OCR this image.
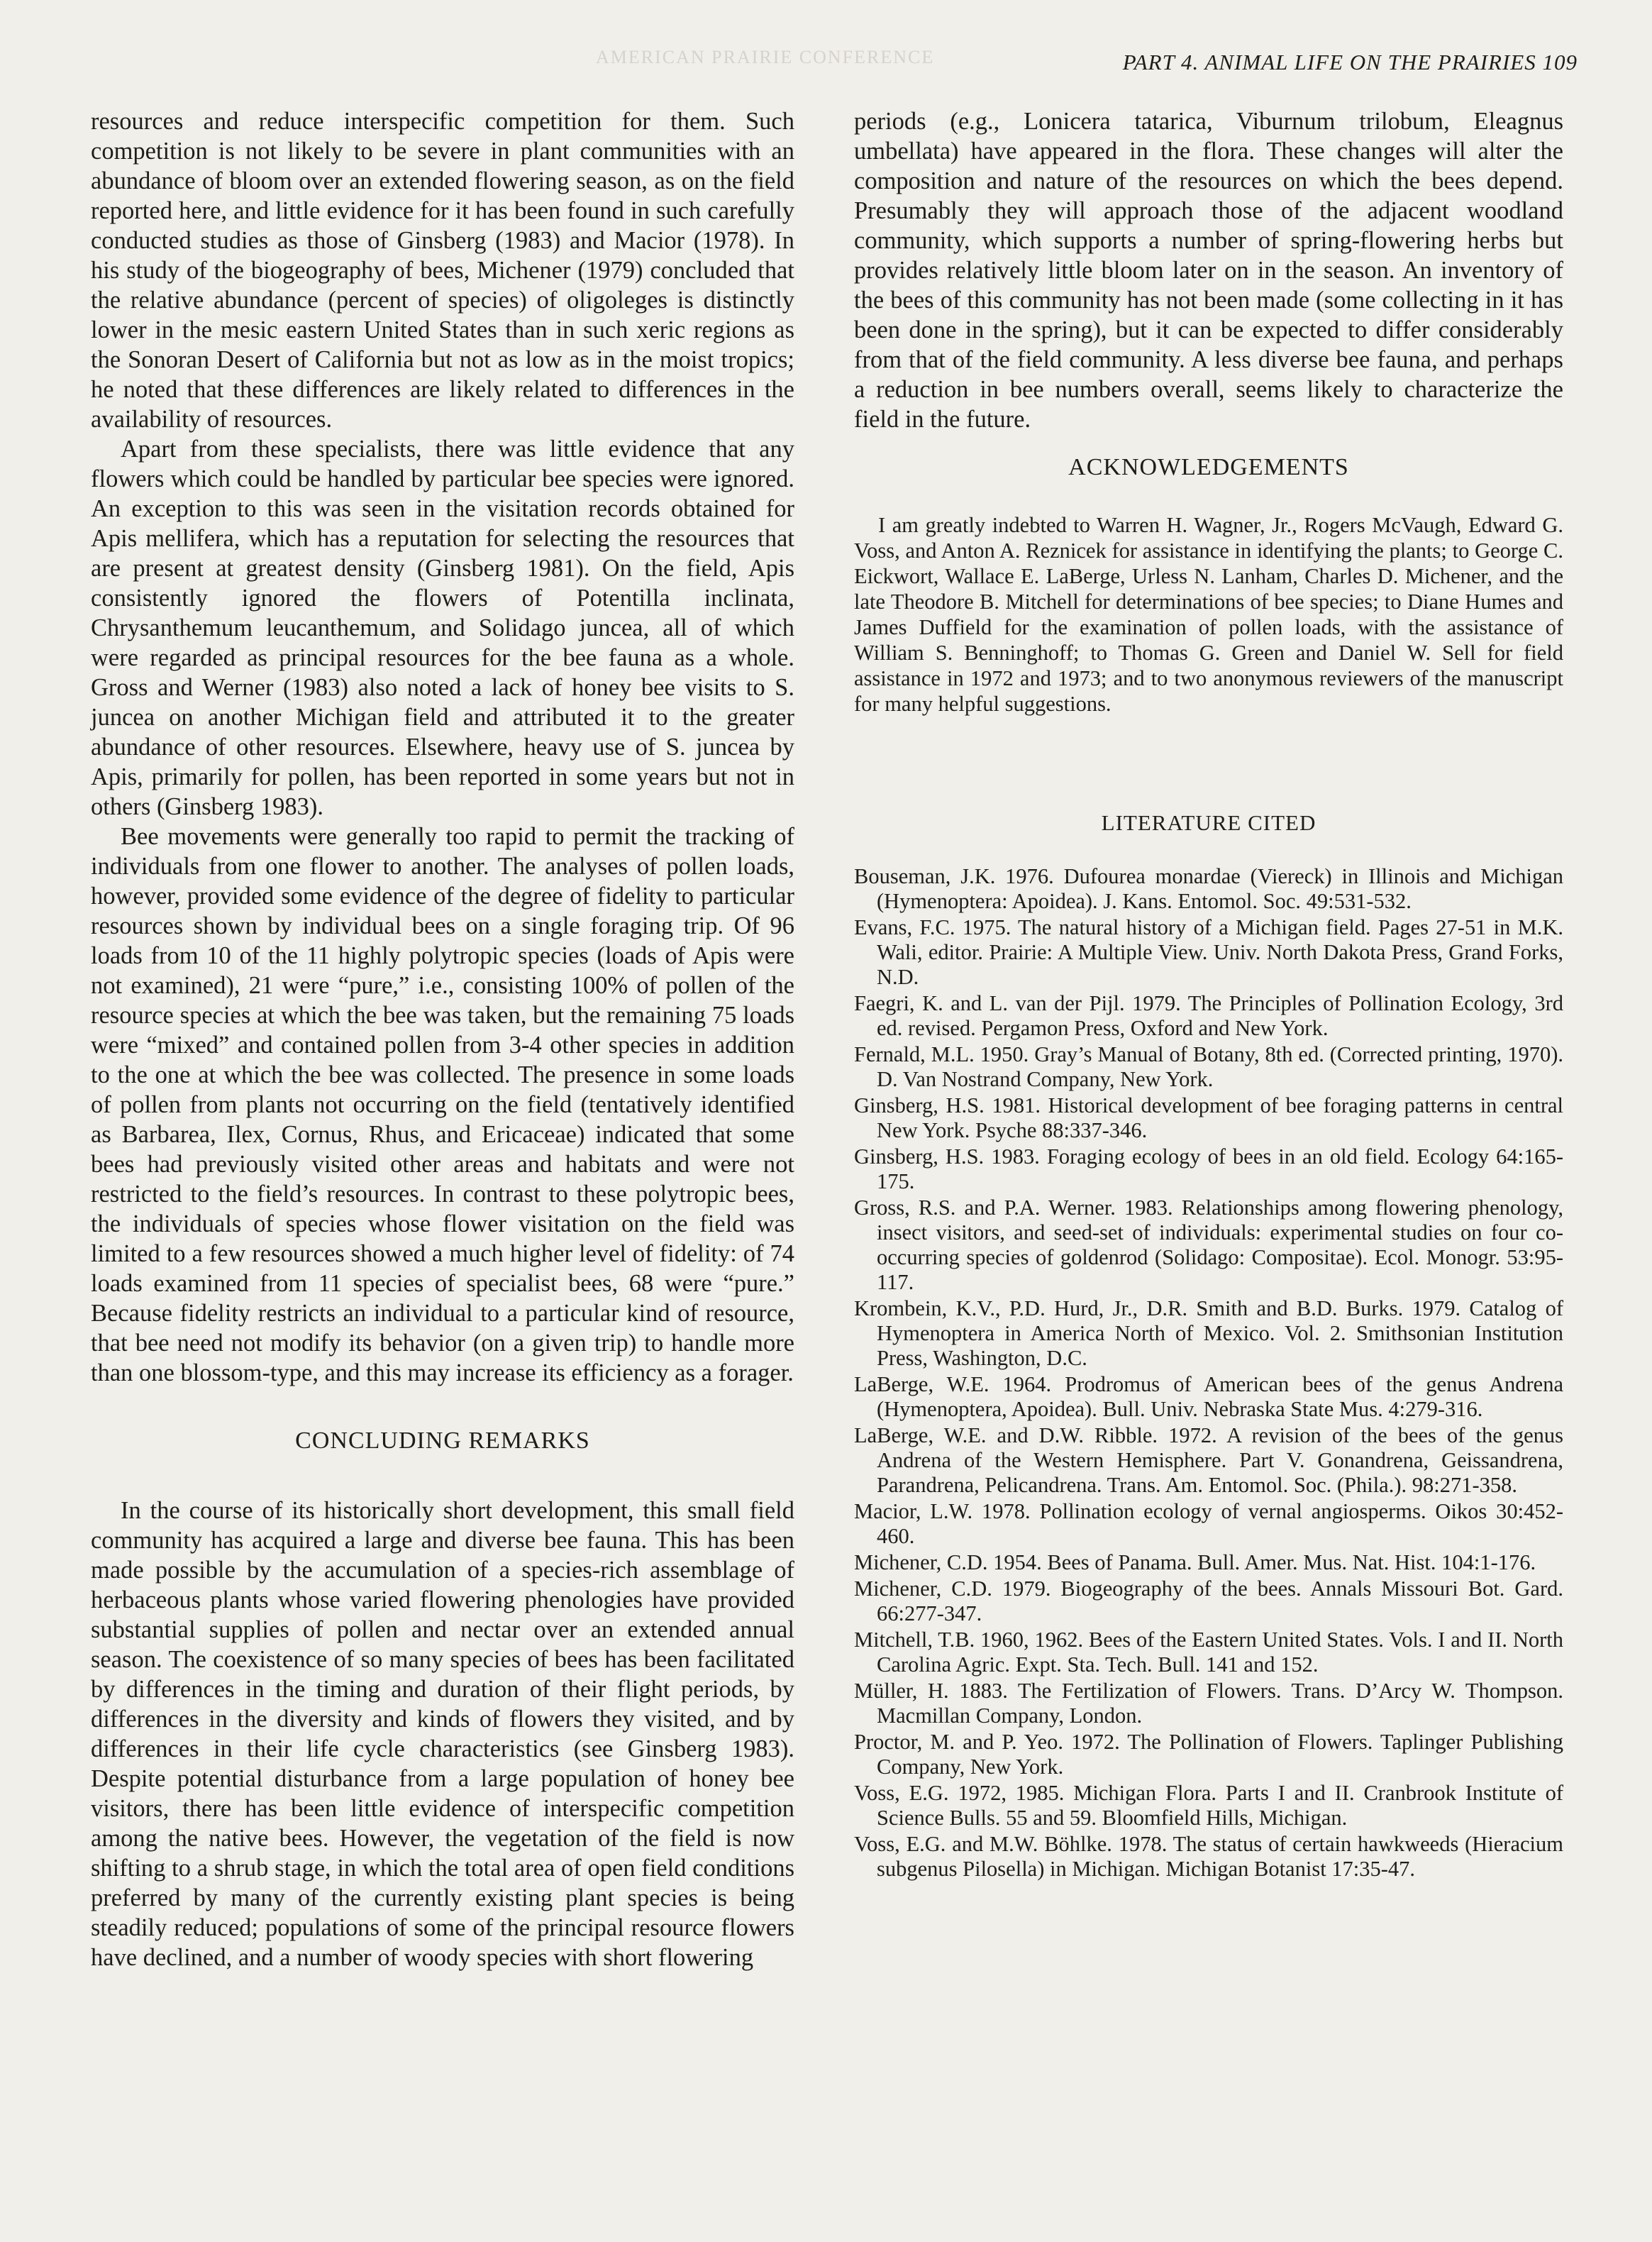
AMERICAN PRAIRIE CONFERENCE	PART 4. ANIMAL LIFE ON THE PRAIRIES 109

resources and reduce interspecific competition for them. Such competition is not likely to be severe in plant communities with an abundance of bloom over an extended flowering season, as on the field reported here, and little evidence for it has been found in such carefully conducted studies as those of Ginsberg (1983) and Macior (1978). In his study of the biogeography of bees, Michener (1979) concluded that the relative abundance (percent of species) of oligoleges is distinctly lower in the mesic eastern United States than in such xeric regions as the Sonoran Desert of California but not as low as in the moist tropics; he noted that these differences are likely related to differences in the availability of resources.

Apart from these specialists, there was little evidence that any flowers which could be handled by particular bee species were ignored. An exception to this was seen in the visitation records obtained for Apis mellifera, which has a reputation for selecting the resources that are present at greatest density (Ginsberg 1981). On the field, Apis consistently ignored the flowers of Potentilla inclinata, Chrysanthemum leucanthemum, and Solidago juncea, all of which were regarded as principal resources for the bee fauna as a whole. Gross and Werner (1983) also noted a lack of honey bee visits to S. juncea on another Michigan field and attributed it to the greater abundance of other resources. Elsewhere, heavy use of S. juncea by Apis, primarily for pollen, has been reported in some years but not in others (Ginsberg 1983).

Bee movements were generally too rapid to permit the tracking of individuals from one flower to another. The analyses of pollen loads, however, provided some evidence of the degree of fidelity to particular resources shown by individual bees on a single foraging trip. Of 96 loads from 10 of the 11 highly polytropic species (loads of Apis were not examined), 21 were “pure,” i.e., consisting 100% of pollen of the resource species at which the bee was taken, but the remaining 75 loads were “mixed” and contained pollen from 3-4 other species in addition to the one at which the bee was collected. The presence in some loads of pollen from plants not occurring on the field (tentatively identified as Barbarea, Ilex, Cornus, Rhus, and Ericaceae) indicated that some bees had previously visited other areas and habitats and were not restricted to the field’s resources. In contrast to these polytropic bees, the individuals of species whose flower visitation on the field was limited to a few resources showed a much higher level of fidelity: of 74 loads examined from 11 species of specialist bees, 68 were “pure.” Because fidelity restricts an individual to a particular kind of resource, that bee need not modify its behavior (on a given trip) to handle more than one blossom-type, and this may increase its efficiency as a forager.

CONCLUDING REMARKS

In the course of its historically short development, this small field community has acquired a large and diverse bee fauna. This has been made possible by the accumulation of a species-rich assemblage of herbaceous plants whose varied flowering phenologies have provided substantial supplies of pollen and nectar over an extended annual season. The coexistence of so many species of bees has been facilitated by differences in the timing and duration of their flight periods, by differences in the diversity and kinds of flowers they visited, and by differences in their life cycle characteristics (see Ginsberg 1983). Despite potential disturbance from a large population of honey bee visitors, there has been little evidence of interspecific competition among the native bees. However, the vegetation of the field is now shifting to a shrub stage, in which the total area of open field conditions preferred by many of the currently existing plant species is being steadily reduced; populations of some of the principal resource flowers have declined, and a number of woody species with short flowering

periods (e.g., Lonicera tatarica, Viburnum trilobum, Eleagnus umbellata) have appeared in the flora. These changes will alter the composition and nature of the resources on which the bees depend. Presumably they will approach those of the adjacent woodland community, which supports a number of spring-flowering herbs but provides relatively little bloom later on in the season. An inventory of the bees of this community has not been made (some collecting in it has been done in the spring), but it can be expected to differ considerably from that of the field community. A less diverse bee fauna, and perhaps a reduction in bee numbers overall, seems likely to characterize the field in the future.

ACKNOWLEDGEMENTS

I am greatly indebted to Warren H. Wagner, Jr., Rogers McVaugh, Edward G. Voss, and Anton A. Reznicek for assistance in identifying the plants; to George C. Eickwort, Wallace E. LaBerge, Urless N. Lanham, Charles D. Michener, and the late Theodore B. Mitchell for determinations of bee species; to Diane Humes and James Duffield for the examination of pollen loads, with the assistance of William S. Benninghoff; to Thomas G. Green and Daniel W. Sell for field assistance in 1972 and 1973; and to two anonymous reviewers of the manuscript for many helpful suggestions.

LITERATURE CITED
Bouseman, J.K. 1976. Dufourea monardae (Viereck) in Illinois and Michigan (Hymenoptera: Apoidea). J. Kans. Entomol. Soc. 49:531-532.
Evans, F.C. 1975. The natural history of a Michigan field. Pages 27-51 in M.K. Wali, editor. Prairie: A Multiple View. Univ. North Dakota Press, Grand Forks, N.D.
Faegri, K. and L. van der Pijl. 1979. The Principles of Pollination Ecology, 3rd ed. revised. Pergamon Press, Oxford and New York.
Fernald, M.L. 1950. Gray’s Manual of Botany, 8th ed. (Corrected printing, 1970). D. Van Nostrand Company, New York.
Ginsberg, H.S. 1981. Historical development of bee foraging patterns in central New York. Psyche 88:337-346.
Ginsberg, H.S. 1983. Foraging ecology of bees in an old field. Ecology 64:165-175.
Gross, R.S. and P.A. Werner. 1983. Relationships among flowering phenology, insect visitors, and seed-set of individuals: experimental studies on four co-occurring species of goldenrod (Solidago: Compositae). Ecol. Monogr. 53:95-117.
Krombein, K.V., P.D. Hurd, Jr., D.R. Smith and B.D. Burks. 1979. Catalog of Hymenoptera in America North of Mexico. Vol. 2. Smithsonian Institution Press, Washington, D.C.
LaBerge, W.E. 1964. Prodromus of American bees of the genus Andrena (Hymenoptera, Apoidea). Bull. Univ. Nebraska State Mus. 4:279-316.
LaBerge, W.E. and D.W. Ribble. 1972. A revision of the bees of the genus Andrena of the Western Hemisphere. Part V. Gonandrena, Geissandrena, Parandrena, Pelicandrena. Trans. Am. Entomol. Soc. (Phila.). 98:271-358.
Macior, L.W. 1978. Pollination ecology of vernal angiosperms. Oikos 30:452-460.
Michener, C.D. 1954. Bees of Panama. Bull. Amer. Mus. Nat. Hist. 104:1-176.
Michener, C.D. 1979. Biogeography of the bees. Annals Missouri Bot. Gard. 66:277-347.
Mitchell, T.B. 1960, 1962. Bees of the Eastern United States. Vols. I and II. North Carolina Agric. Expt. Sta. Tech. Bull. 141 and 152.
Müller, H. 1883. The Fertilization of Flowers. Trans. D’Arcy W. Thompson. Macmillan Company, London.
Proctor, M. and P. Yeo. 1972. The Pollination of Flowers. Taplinger Publishing Company, New York.
Voss, E.G. 1972, 1985. Michigan Flora. Parts I and II. Cranbrook Institute of Science Bulls. 55 and 59. Bloomfield Hills, Michigan.
Voss, E.G. and M.W. Böhlke. 1978. The status of certain hawkweeds (Hieracium subgenus Pilosella) in Michigan. Michigan Botanist 17:35-47.
